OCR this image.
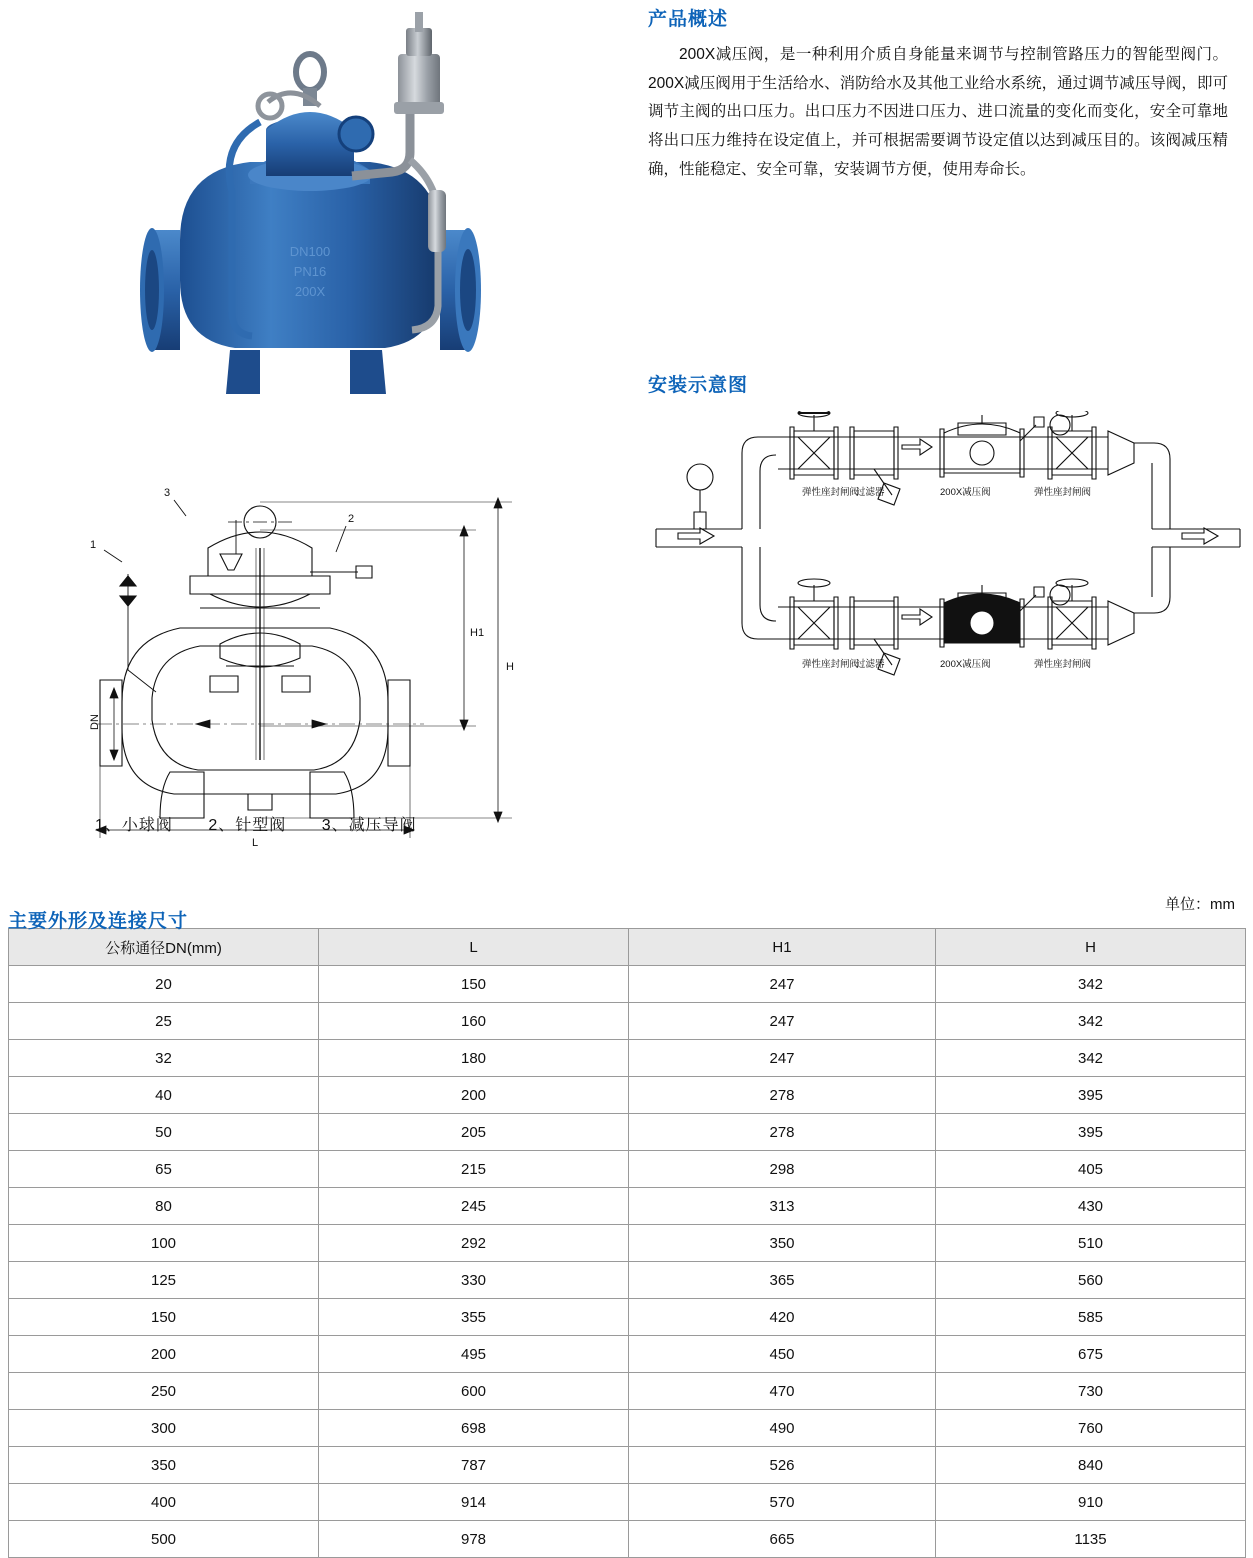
DN100
PN16
200X
产品概述

200X减压阀，是一种利用介质自身能量来调节与控制管路压力的智能型阀门。200X减压阀用于生活给水、消防给水及其他工业给水系统，通过调节减压导阀，即可调节主阀的出口压力。出口压力不因进口压力、进口流量的变化而变化，安全可靠地将出口压力维持在设定值上，并可根据需要调节设定值以达到减压目的。该阀减压精确，性能稳定、安全可靠，安装调节方便，使用寿命长。

1
2
3
H
H1
L
DN
1、小球阀 2、针型阀 3、减压导阀
安装示意图
弹性座封闸阀
过滤器	200X减压阀	弹性座封闸阀
弹性座封闸阀
过滤器	200X减压阀	弹性座封闸阀
主要外形及连接尺寸
单位：mm
公称通径DN(mm)	L	H1	H
20	150	247	342
25	160	247	342
32	180	247	342
40	200	278	395
50	205	278	395
65	215	298	405
80	245	313	430
100	292	350	510
125	330	365	560
150	355	420	585
200	495	450	675
250	600	470	730
300	698	490	760
350	787	526	840
400	914	570	910
500	978	665	1135
